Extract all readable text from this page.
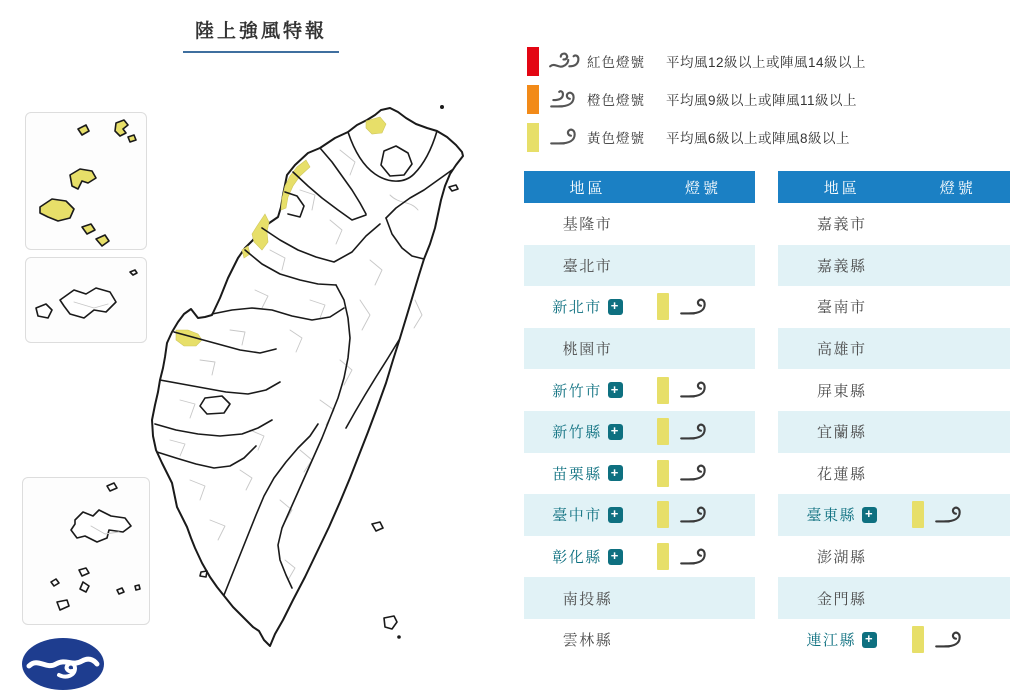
陸上強風特報
紅色燈號	平均風12級以上或陣風14級以上
橙色燈號	平均風9級以上或陣風11級以上
黃色燈號	平均風6級以上或陣風8級以上
地區	燈號
基隆市
臺北市
新北市 +
桃園市
新竹市 +
新竹縣 +
苗栗縣 +
臺中市 +
彰化縣 +
南投縣
雲林縣
地區	燈號
嘉義市
嘉義縣
臺南市
高雄市
屏東縣
宜蘭縣
花蓮縣
臺東縣 +
澎湖縣
金門縣
連江縣 +
